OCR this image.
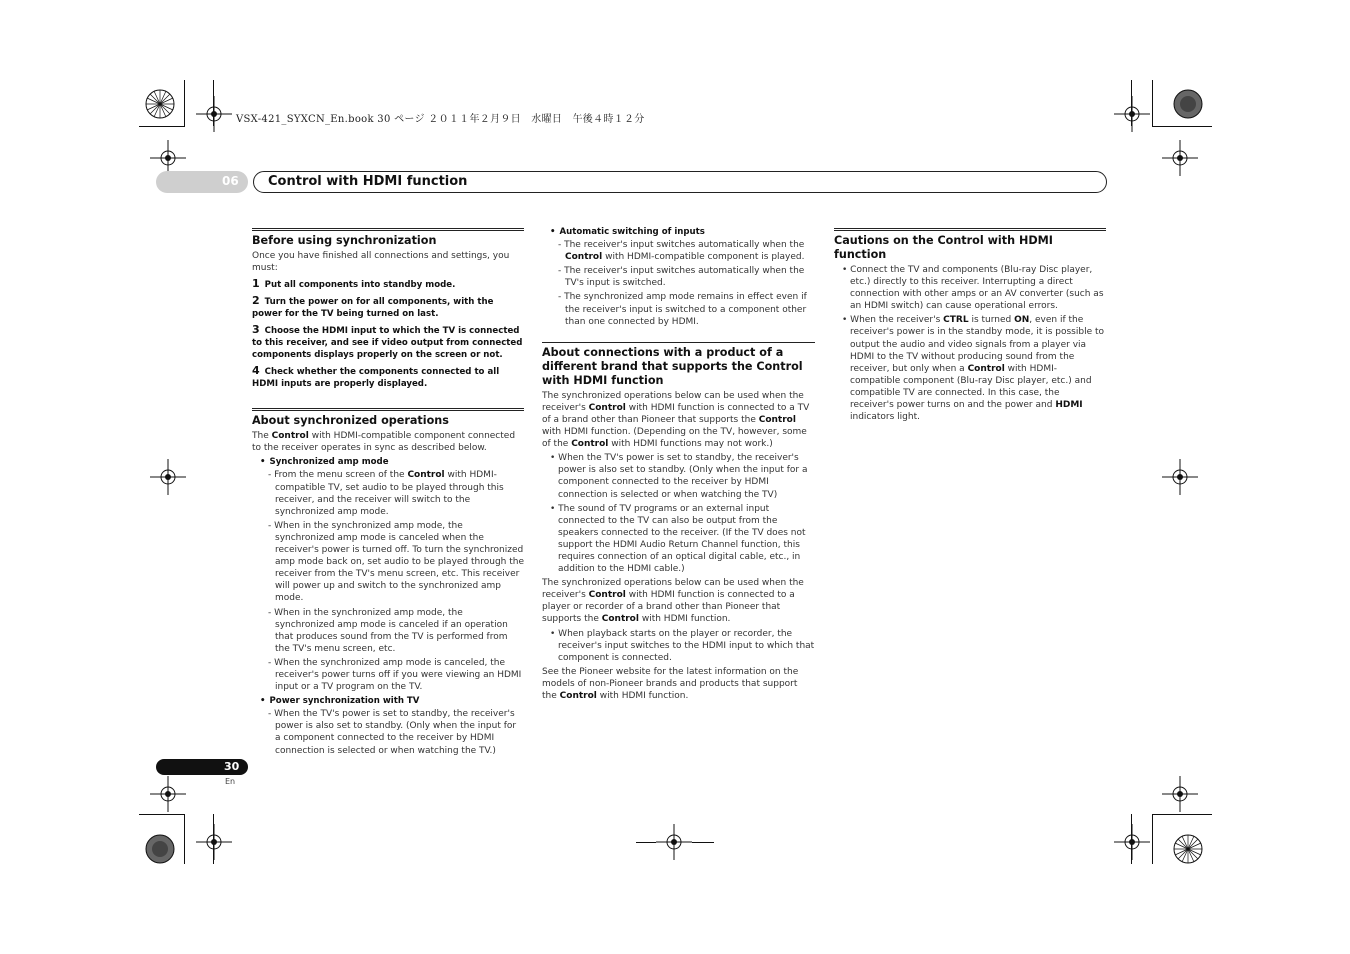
VSX-421_SYXCN_En.book 30 ページ ２０１１年２月９日　水曜日　午後４時１２分
06 Control with HDMI function
Before using synchronization

Once you have finished all connections and settings, you must:

1 Put all components into standby mode.
2 Turn the power on for all components, with the power for the TV being turned on last.
3 Choose the HDMI input to which the TV is connected to this receiver, and see if video output from connected components displays properly on the screen or not.
4 Check whether the components connected to all HDMI inputs are properly displayed.
About synchronized operations

The Control with HDMI-compatible component connected to the receiver operates in sync as described below.

• Synchronized amp mode
- From the menu screen of the Control with HDMI-compatible TV, set audio to be played through this receiver, and the receiver will switch to the synchronized amp mode.
- When in the synchronized amp mode, the synchronized amp mode is canceled when the receiver's power is turned off. To turn the synchronized amp mode back on, set audio to be played through the receiver from the TV's menu screen, etc. This receiver will power up and switch to the synchronized amp mode.
- When in the synchronized amp mode, the synchronized amp mode is canceled if an operation that produces sound from the TV is performed from the TV's menu screen, etc.
- When the synchronized amp mode is canceled, the receiver's power turns off if you were viewing an HDMI input or a TV program on the TV.
• Power synchronization with TV
- When the TV's power is set to standby, the receiver's power is also set to standby. (Only when the input for a component connected to the receiver by HDMI connection is selected or when watching the TV.)
• Automatic switching of inputs
- The receiver's input switches automatically when the Control with HDMI-compatible component is played.
- The receiver's input switches automatically when the TV's input is switched.
- The synchronized amp mode remains in effect even if the receiver's input is switched to a component other than one connected by HDMI.
About connections with a product of a different brand that supports the Control with HDMI function

The synchronized operations below can be used when the receiver's Control with HDMI function is connected to a TV of a brand other than Pioneer that supports the Control with HDMI function. (Depending on the TV, however, some of the Control with HDMI functions may not work.)

• When the TV's power is set to standby, the receiver's power is also set to standby. (Only when the input for a component connected to the receiver by HDMI connection is selected or when watching the TV)
• The sound of TV programs or an external input connected to the TV can also be output from the speakers connected to the receiver. (If the TV does not support the HDMI Audio Return Channel function, this requires connection of an optical digital cable, etc., in addition to the HDMI cable.)

The synchronized operations below can be used when the receiver's Control with HDMI function is connected to a player or recorder of a brand other than Pioneer that supports the Control with HDMI function.

• When playback starts on the player or recorder, the receiver's input switches to the HDMI input to which that component is connected.

See the Pioneer website for the latest information on the models of non-Pioneer brands and products that support the Control with HDMI function.

Cautions on the Control with HDMI function
• Connect the TV and components (Blu-ray Disc player, etc.) directly to this receiver. Interrupting a direct connection with other amps or an AV converter (such as an HDMI switch) can cause operational errors.
• When the receiver's CTRL is turned ON, even if the receiver's power is in the standby mode, it is possible to output the audio and video signals from a player via HDMI to the TV without producing sound from the receiver, but only when a Control with HDMI-compatible component (Blu-ray Disc player, etc.) and compatible TV are connected. In this case, the receiver's power turns on and the power and HDMI indicators light.
30
En
